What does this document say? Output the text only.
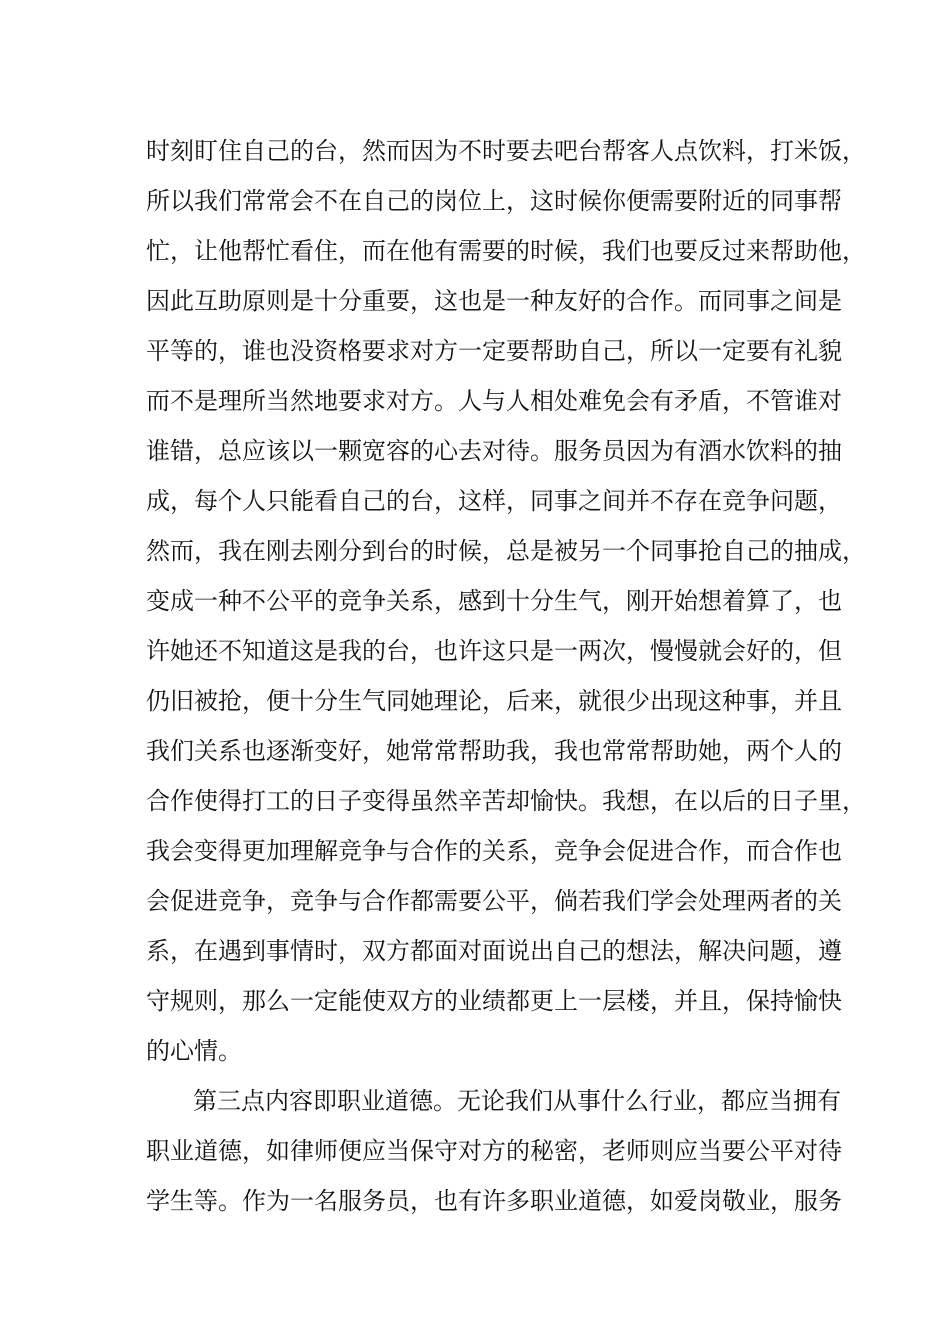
时刻盯住自己的台，然而因为不时要去吧台帮客人点饮料，打米饭，

所以我们常常会不在自己的岗位上，这时候你便需要附近的同事帮

忙，让他帮忙看住，而在他有需要的时候，我们也要反过来帮助他，

因此互助原则是十分重要，这也是一种友好的合作。而同事之间是

平等的，谁也没资格要求对方一定要帮助自己，所以一定要有礼貌

而不是理所当然地要求对方。人与人相处难免会有矛盾，不管谁对

谁错，总应该以一颗宽容的心去对待。服务员因为有酒水饮料的抽

成，每个人只能看自己的台，这样，同事之间并不存在竞争问题，

然而，我在刚去刚分到台的时候，总是被另一个同事抢自己的抽成，

变成一种不公平的竞争关系，感到十分生气，刚开始想着算了，也

许她还不知道这是我的台，也许这只是一两次，慢慢就会好的，但

仍旧被抢，便十分生气同她理论，后来，就很少出现这种事，并且

我们关系也逐渐变好，她常常帮助我，我也常常帮助她，两个人的

合作使得打工的日子变得虽然辛苦却愉快。我想，在以后的日子里，

我会变得更加理解竞争与合作的关系，竞争会促进合作，而合作也

会促进竞争，竞争与合作都需要公平，倘若我们学会处理两者的关

系，在遇到事情时，双方都面对面说出自己的想法，解决问题，遵

守规则，那么一定能使双方的业绩都更上一层楼，并且，保持愉快

的心情。

第三点内容即职业道德。无论我们从事什么行业，都应当拥有

职业道德，如律师便应当保守对方的秘密，老师则应当要公平对待

学生等。作为一名服务员，也有许多职业道德，如爱岗敬业，服务
